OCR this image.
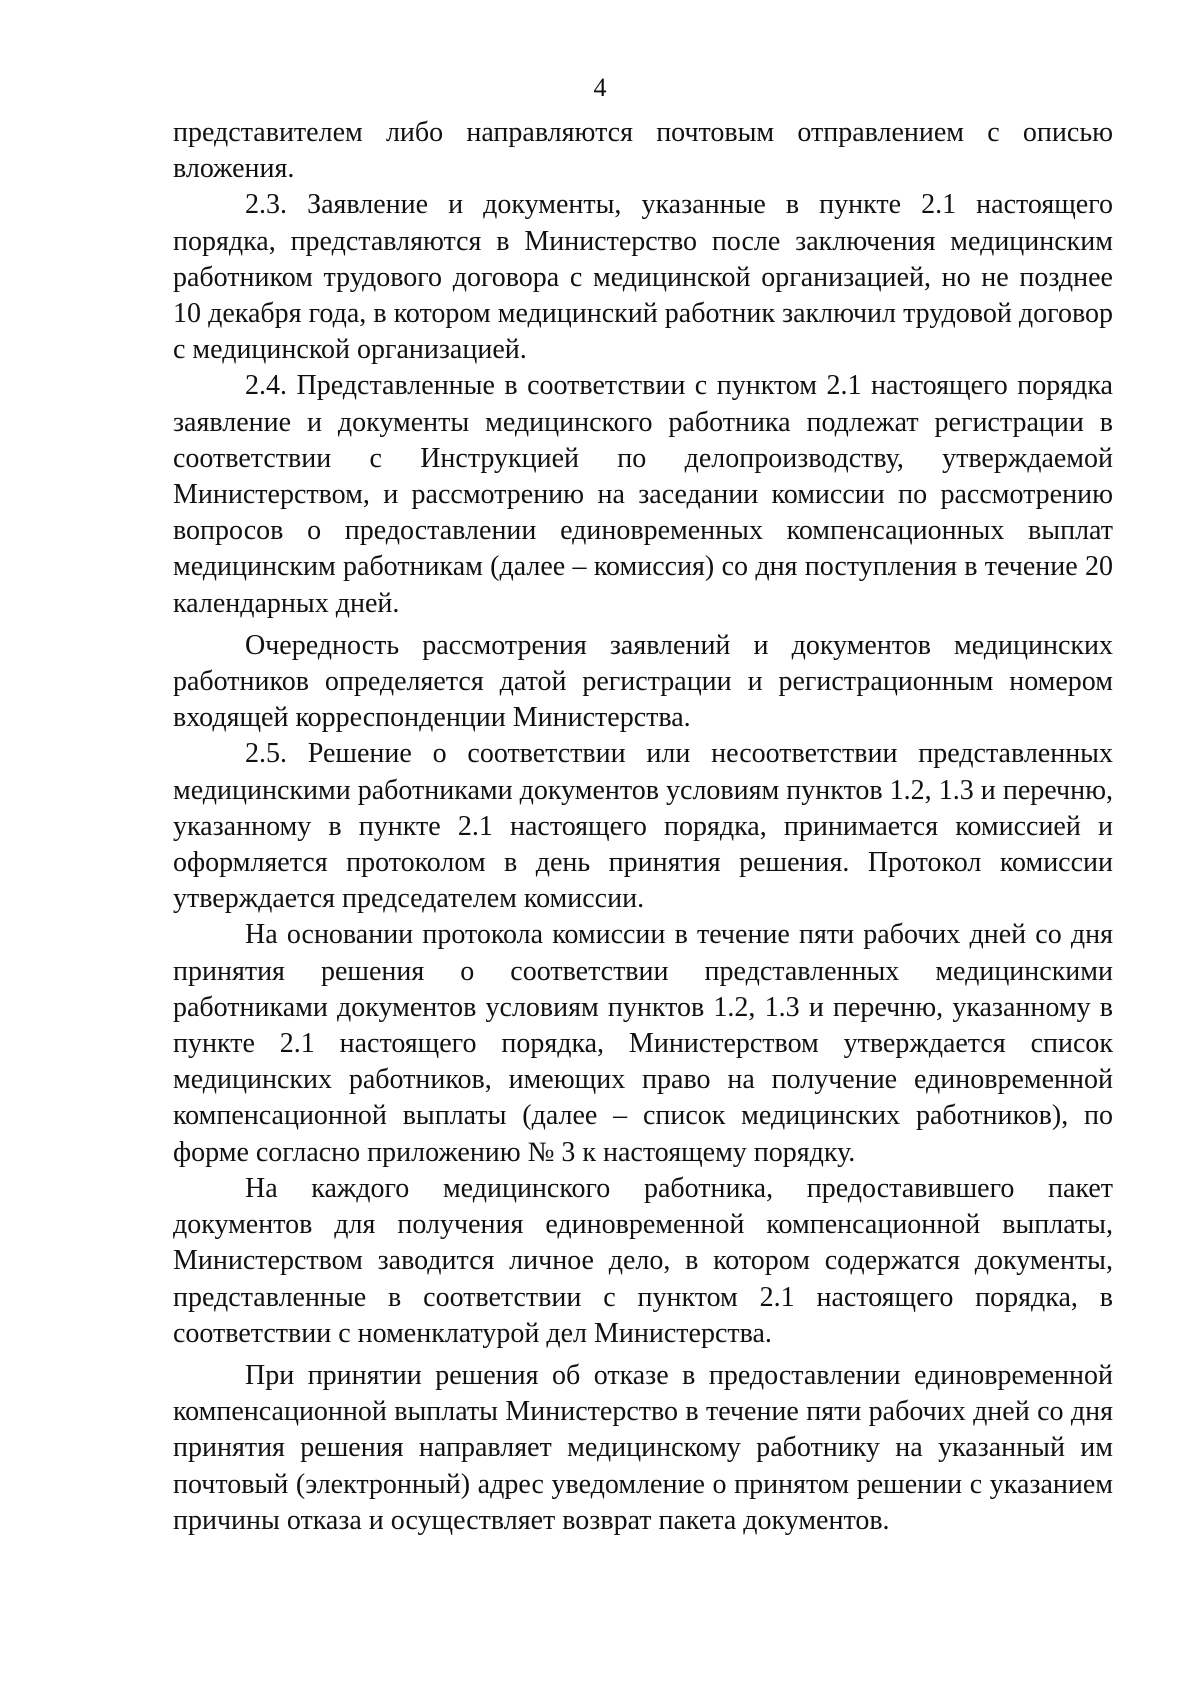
4

представителем либо направляются почтовым отправлением с описью вложения.

2.3. Заявление и документы, указанные в пункте 2.1 настоящего порядка, представляются в Министерство после заключения медицинским работником трудового договора с медицинской организацией, но не позднее 10 декабря года, в котором медицинский работник заключил трудовой договор с медицинской организацией.

2.4. Представленные в соответствии с пунктом 2.1 настоящего порядка заявление и документы медицинского работника подлежат регистрации в соответствии с Инструкцией по делопроизводству, утверждаемой Министерством, и рассмотрению на заседании комиссии по рассмотрению вопросов о предоставлении единовременных компенсационных выплат медицинским работникам (далее – комиссия) со дня поступления в течение 20 календарных дней.

Очередность рассмотрения заявлений и документов медицинских работников определяется датой регистрации и регистрационным номером входящей корреспонденции Министерства.

2.5. Решение о соответствии или несоответствии представленных медицинскими работниками документов условиям пунктов 1.2, 1.3 и перечню, указанному в пункте 2.1 настоящего порядка, принимается комиссией и оформляется протоколом в день принятия решения. Протокол комиссии утверждается председателем комиссии.

На основании протокола комиссии в течение пяти рабочих дней со дня принятия решения о соответствии представленных медицинскими работниками документов условиям пунктов 1.2, 1.3 и перечню, указанному в пункте 2.1 настоящего порядка, Министерством утверждается список медицинских работников, имеющих право на получение единовременной компенсационной выплаты (далее – список медицинских работников), по форме согласно приложению № 3 к настоящему порядку.

На каждого медицинского работника, предоставившего пакет документов для получения единовременной компенсационной выплаты, Министерством заводится личное дело, в котором содержатся документы, представленные в соответствии с пунктом 2.1 настоящего порядка, в соответствии с номенклатурой дел Министерства.

При принятии решения об отказе в предоставлении единовременной компенсационной выплаты Министерство в течение пяти рабочих дней со дня принятия решения направляет медицинскому работнику на указанный им почтовый (электронный) адрес уведомление о принятом решении с указанием причины отказа и осуществляет возврат пакета документов.
